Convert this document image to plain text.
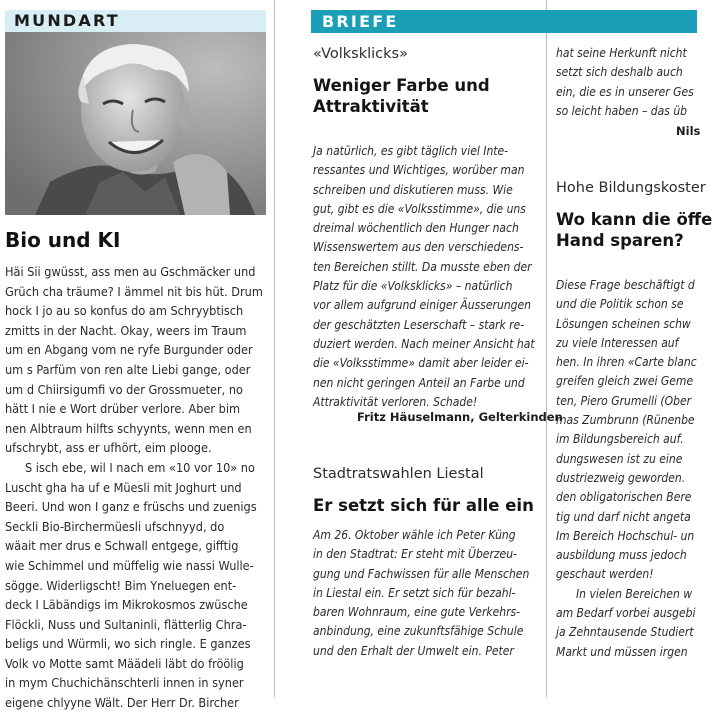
MUNDART
Bio und KI

Häi Sii gwüsst, ass men au Gschmäcker und

Grüch cha träume? I ämmel nit bis hüt. Drum

hock I jo au so konfus do am Schryybtisch

zmitts in der Nacht. Okay, weers im Traum

um en Abgang vom ne ryfe Burgunder oder

um s Parfüm von ren alte Liebi gange, oder

um d Chiirsigumfi vo der Grossmueter, no

hätt I nie e Wort drüber verlore. Aber bim

nen Albtraum hilfts schyynts, wenn men en

ufschrybt, ass er ufhört, eim plooge.

S isch ebe, wil I nach em «10 vor 10» no

Luscht gha ha uf e Müesli mit Joghurt und

Beeri. Und won I ganz e früschs und zuenigs

Seckli Bio-Birchermüesli ufschnyyd, do

wäait mer drus e Schwall entgege, gifftig

wie Schimmel und müffelig wie nassi Wulle-

sögge. Widerligscht! Bim Yneluegen ent-

deck I Läbändigs im Mikrokosmos zwüsche

Flöckli, Nuss und Sultaninli, flätterlig Chra-

beligs und Würmli, wo sich ringle. E ganzes

Volk vo Motte samt Määdeli läbt do fröölig

in mym Chuchichänschterli innen in syner

eigene chlyyne Wält. Der Herr Dr. Bircher

BRIEFE
«Volksklicks»
Weniger Farbe und
Attraktivität

Ja natürlich, es gibt täglich viel Inte-

ressantes und Wichtiges, worüber man

schreiben und diskutieren muss. Wie

gut, gibt es die «Volksstimme», die uns

dreimal wöchentlich den Hunger nach

Wissenswertem aus den verschiedens-

ten Bereichen stillt. Da musste eben der

Platz für die «Volksklicks» – natürlich

vor allem aufgrund einiger Äusserungen

der geschätzten Leserschaft – stark re-

duziert werden. Nach meiner Ansicht hat

die «Volksstimme» damit aber leider ei-

nen nicht geringen Anteil an Farbe und

Attraktivität verloren. Schade!

Fritz Häuselmann, Gelterkinden
Stadtratswahlen Liestal
Er setzt sich für alle ein

Am 26. Oktober wähle ich Peter Küng

in den Stadtrat: Er steht mit Überzeu-

gung und Fachwissen für alle Menschen

in Liestal ein. Er setzt sich für bezahl-

baren Wohnraum, eine gute Verkehrs-

anbindung, eine zukunftsfähige Schule

und den Erhalt der Umwelt ein. Peter

hat seine Herkunft nicht

setzt sich deshalb auch

ein, die es in unserer Ges

so leicht haben – das üb

Nils
Hohe Bildungskoster
Wo kann die öffe
Hand sparen?

Diese Frage beschäftigt d

und die Politik schon se

Lösungen scheinen schw

zu viele Interessen auf

hen. In ihren «Carte blanc

greifen gleich zwei Geme

ten, Piero Grumelli (Ober

mas Zumbrunn (Rünenbe

im Bildungsbereich auf.

dungswesen ist zu eine

dustriezweig geworden.

den obligatorischen Bere

tig und darf nicht angeta

Im Bereich Hochschul- un

ausbildung muss jedoch

geschaut werden!

In vielen Bereichen w

am Bedarf vorbei ausgebi

ja Zehntausende Studiert

Markt und müssen irgen
